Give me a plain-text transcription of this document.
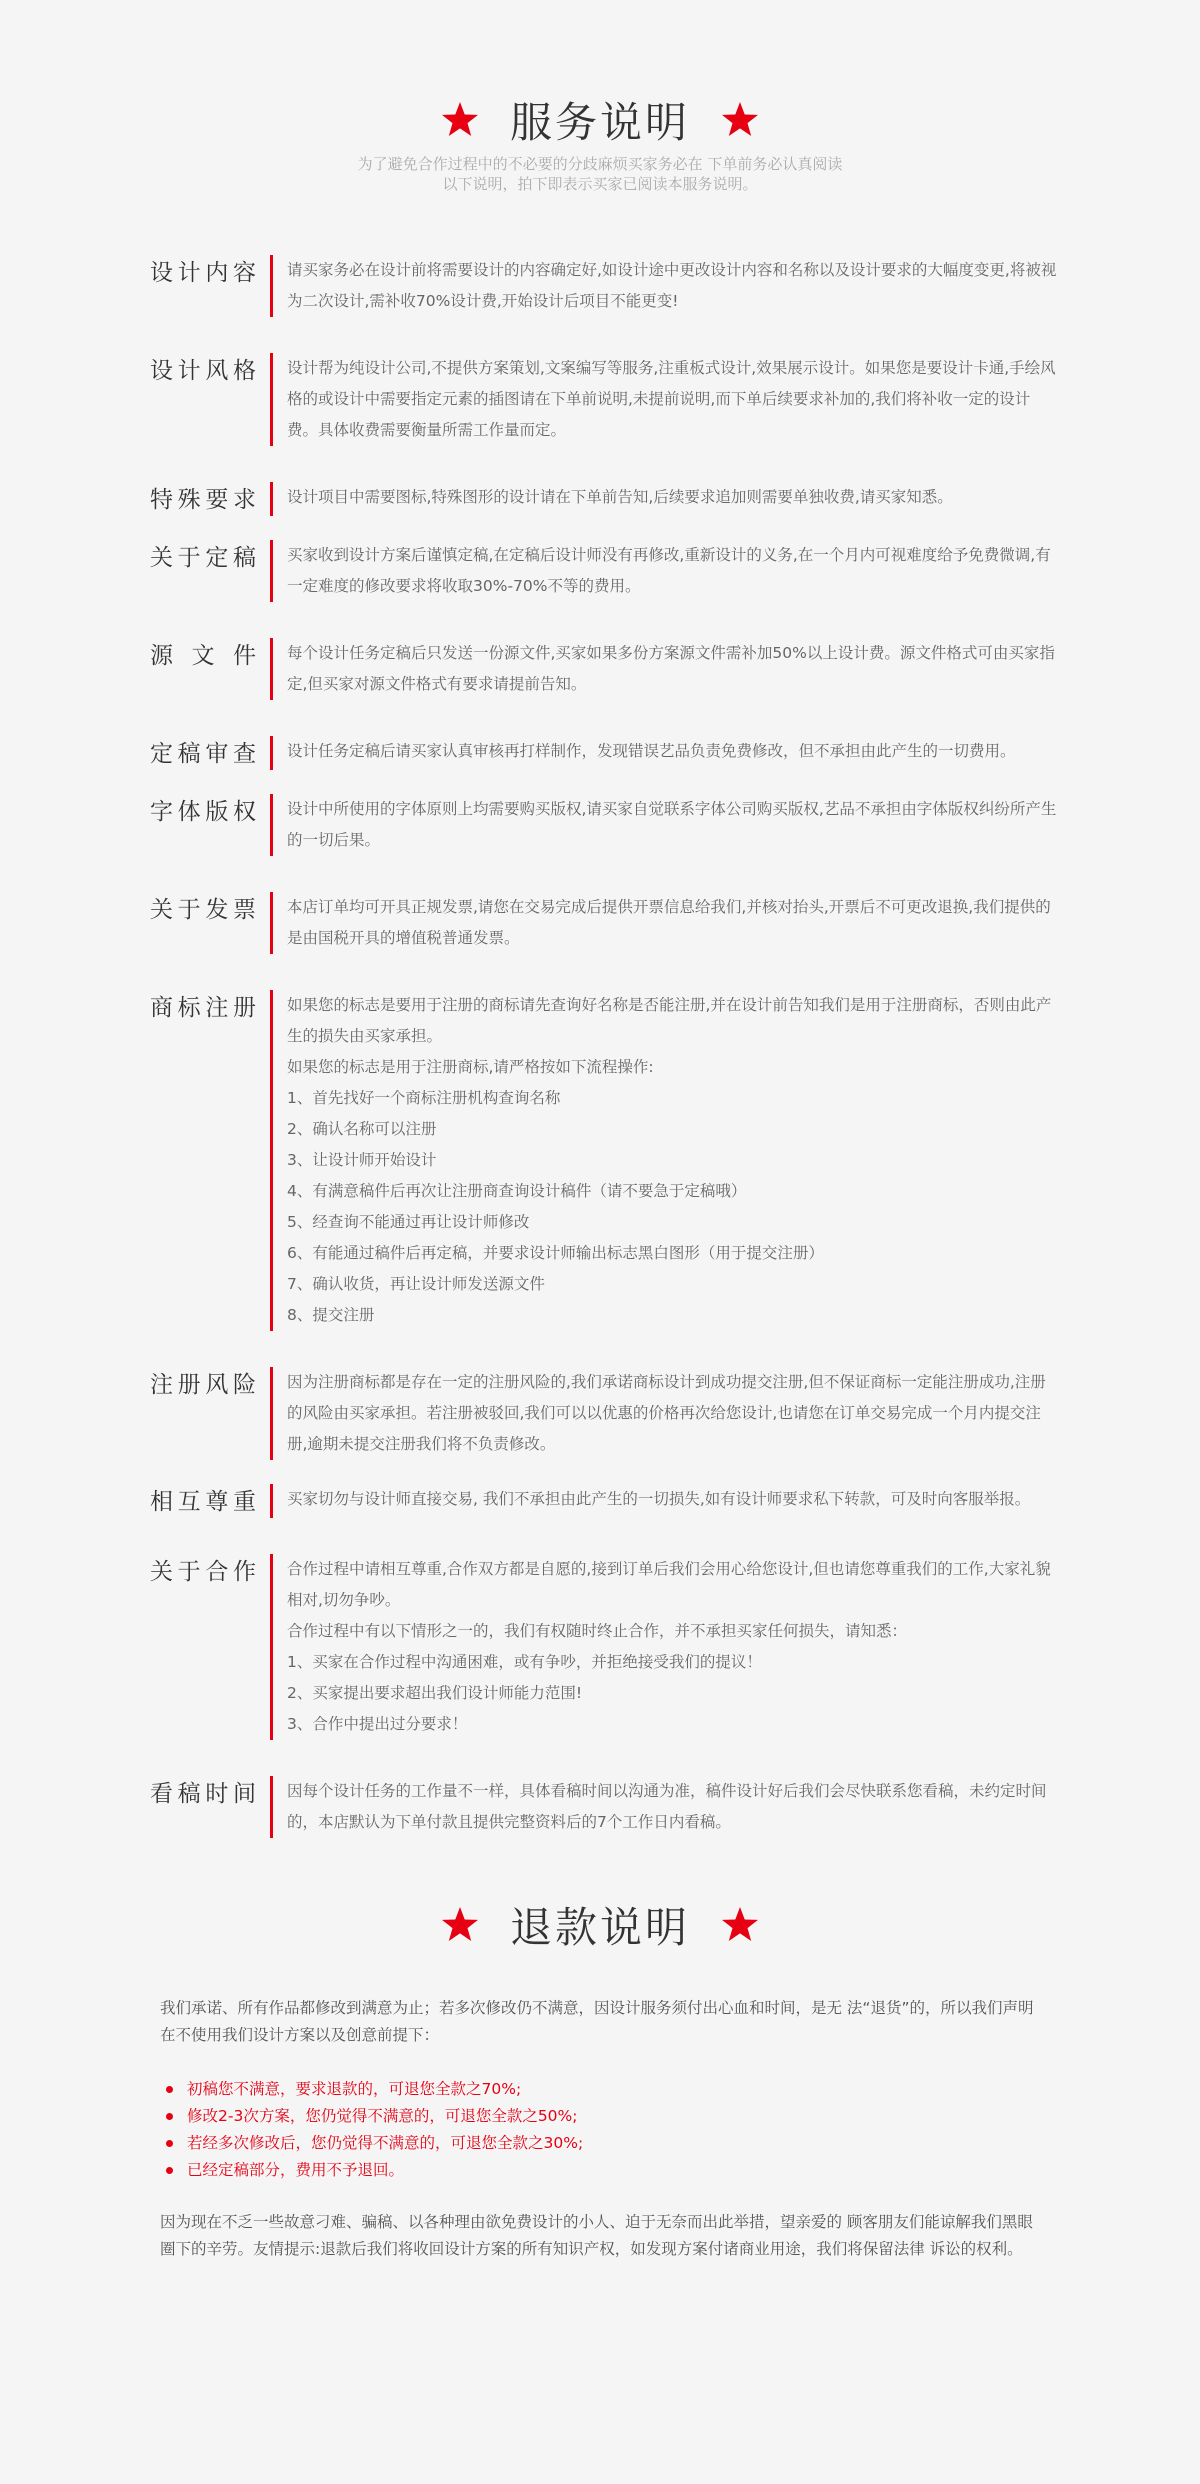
服务说明
为了避免合作过程中的不必要的分歧麻烦买家务必在 下单前务必认真阅读
以下说明，拍下即表示买家已阅读本服务说明。
设计内容 请买家务必在设计前将需要设计的内容确定好,如设计途中更改设计内容和名称以及设计要求的大幅度变更,将被视为二次设计,需补收70%设计费,开始设计后项目不能更变!

设计风格 设计帮为纯设计公司,不提供方案策划,文案编写等服务,注重板式设计,效果展示设计。如果您是要设计卡通,手绘风格的或设计中需要指定元素的插图请在下单前说明,未提前说明,而下单后续要求补加的,我们将补收一定的设计费。具体收费需要衡量所需工作量而定。

特殊要求 设计项目中需要图标,特殊图形的设计请在下单前告知,后续要求追加则需要单独收费,请买家知悉。

关于定稿 买家收到设计方案后谨慎定稿,在定稿后设计师没有再修改,重新设计的义务,在一个月内可视难度给予免费微调,有一定难度的修改要求将收取30%-70%不等的费用。

源文件 每个设计任务定稿后只发送一份源文件,买家如果多份方案源文件需补加50%以上设计费。源文件格式可由买家指定,但买家对源文件格式有要求请提前告知。

定稿审查 设计任务定稿后请买家认真审核再打样制作，发现错误艺品负责免费修改，但不承担由此产生的一切费用。

字体版权 设计中所使用的字体原则上均需要购买版权,请买家自觉联系字体公司购买版权,艺品不承担由字体版权纠纷所产生的一切后果。

关于发票 本店订单均可开具正规发票,请您在交易完成后提供开票信息给我们,并核对抬头,开票后不可更改退换,我们提供的是由国税开具的增值税普通发票。

商标注册 如果您的标志是要用于注册的商标请先查询好名称是否能注册,并在设计前告知我们是用于注册商标，否则由此产生的损失由买家承担。

如果您的标志是用于注册商标,请严格按如下流程操作:

1、首先找好一个商标注册机构查询名称

2、确认名称可以注册

3、让设计师开始设计

4、有满意稿件后再次让注册商查询设计稿件（请不要急于定稿哦）

5、经查询不能通过再让设计师修改

6、有能通过稿件后再定稿，并要求设计师输出标志黑白图形（用于提交注册）

7、确认收货，再让设计师发送源文件

8、提交注册

注册风险 因为注册商标都是存在一定的注册风险的,我们承诺商标设计到成功提交注册,但不保证商标一定能注册成功,注册的风险由买家承担。若注册被驳回,我们可以以优惠的价格再次给您设计,也请您在订单交易完成一个月内提交注册,逾期未提交注册我们将不负责修改。

相互尊重 买家切勿与设计师直接交易, 我们不承担由此产生的一切损失,如有设计师要求私下转款，可及时向客服举报。

关于合作 合作过程中请相互尊重,合作双方都是自愿的,接到订单后我们会用心给您设计,但也请您尊重我们的工作,大家礼貌相对,切勿争吵。

合作过程中有以下情形之一的，我们有权随时终止合作，并不承担买家任何损失，请知悉：

1、买家在合作过程中沟通困难，或有争吵，并拒绝接受我们的提议！

2、买家提出要求超出我们设计师能力范围!

3、合作中提出过分要求！

看稿时间 因每个设计任务的工作量不一样，具体看稿时间以沟通为准，稿件设计好后我们会尽快联系您看稿，未约定时间的，本店默认为下单付款且提供完整资料后的7个工作日内看稿。

退款说明

我们承诺、所有作品都修改到满意为止；若多次修改仍不满意，因设计服务须付出心血和时间，是无 法“退货”的，所以我们声明在不使用我们设计方案以及创意前提下：

初稿您不满意，要求退款的，可退您全款之70%;
修改2-3次方案，您仍觉得不满意的，可退您全款之50%;
若经多次修改后，您仍觉得不满意的，可退您全款之30%;
已经定稿部分，费用不予退回。

因为现在不乏一些故意刁难、骗稿、以各种理由欲免费设计的小人、迫于无奈而出此举措，望亲爱的 顾客朋友们能谅解我们黑眼圈下的辛劳。友情提示:退款后我们将收回设计方案的所有知识产权，如发现方案付诸商业用途，我们将保留法律 诉讼的权利。
